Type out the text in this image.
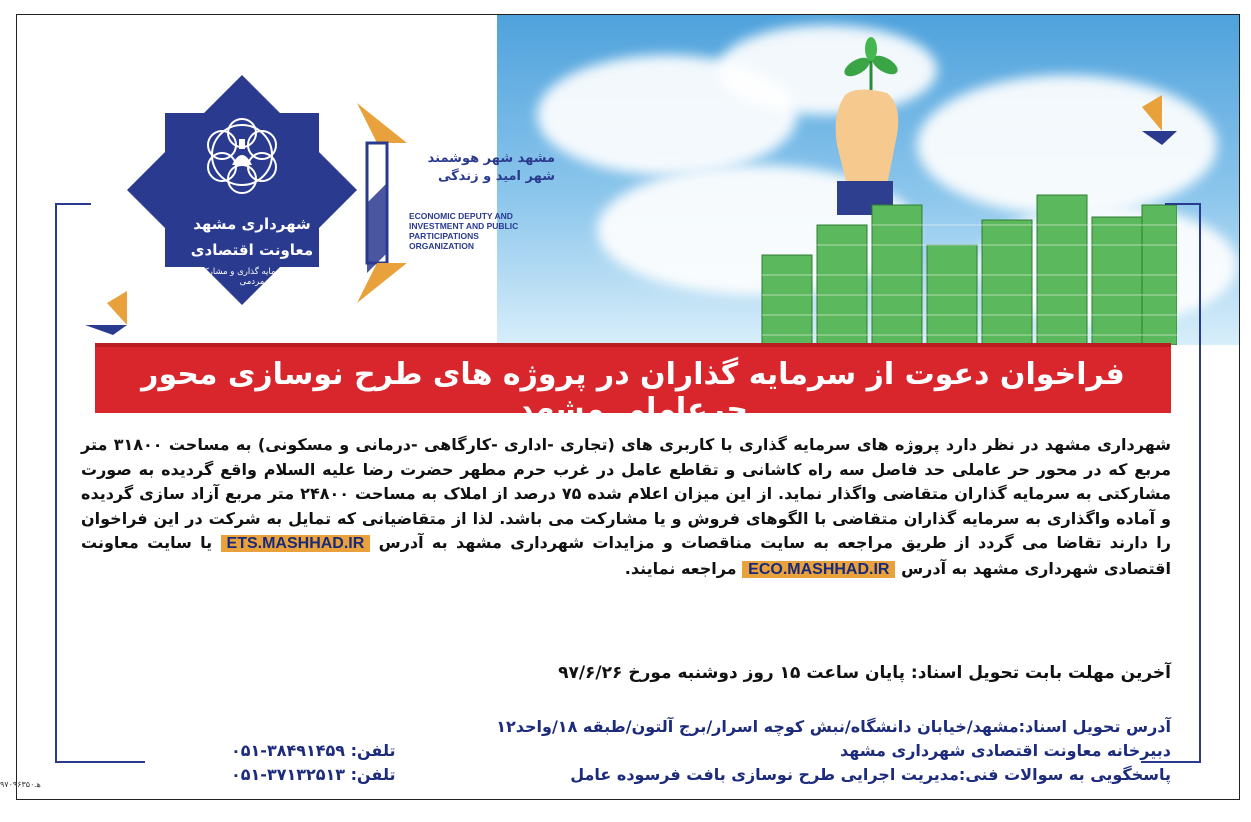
شهرداری مشهد
معاونت اقتصادی
و سازمان سرمایه گذاری و مشارکت های مردمی
مشهد شهر هوشمند
شهر امید و زندگی
ECONOMIC DEPUTY AND
INVESTMENT AND PUBLIC
PARTICIPATIONS
ORGANIZATION
فراخوان دعوت از سرمایه گذاران در پروژه های طرح نوسازی محور حرعاملی مشهد
شهرداری مشهد در نظر دارد پروژه های سرمایه گذاری با کاربری های (تجاری -اداری -کارگاهی -درمانی و مسکونی) به مساحت ۳۱۸۰۰ متر مربع که در محور حر عاملی حد فاصل سه راه کاشانی و تقاطع عامل در غرب حرم مطهر حضرت رضا علیه السلام واقع گردیده به صورت مشارکتی به سرمایه گذاران متقاضی واگذار نماید. از این میزان اعلام شده ۷۵ درصد از املاک به مساحت ۲۴۸۰۰ متر مربع آزاد سازی گردیده و آماده واگذاری به سرمایه گذاران متقاضی با الگوهای فروش و یا مشارکت می باشد. لذا از متقاضیانی که تمایل به شرکت در این فراخوان را دارند تقاضا می گردد از طریق مراجعه به سایت مناقصات و مزایدات شهرداری مشهد به آدرس ETS.MASHHAD.IR یا سایت معاونت اقتصادی شهرداری مشهد به آدرس ECO.MASHHAD.IR مراجعه نمایند.
آخرین مهلت بابت تحویل اسناد: پایان ساعت ۱۵ روز دوشنبه مورخ ۹۷/۶/۲۶
آدرس تحویل اسناد:مشهد/خیابان دانشگاه/نبش کوچه اسرار/برج آلتون/طبقه ۱۸/واحد۱۲
دبیرخانه معاونت اقتصادی شهرداری مشهد
تلفن: ۳۸۴۹۱۴۵۹-۰۵۱
پاسخگویی به سوالات فنی:مدیریت اجرایی طرح نوسازی بافت فرسوده عامل
تلفن: ۳۷۱۳۲۵۱۳-۰۵۱
ﻫ.۹۷۰۹۶۳۵۰
